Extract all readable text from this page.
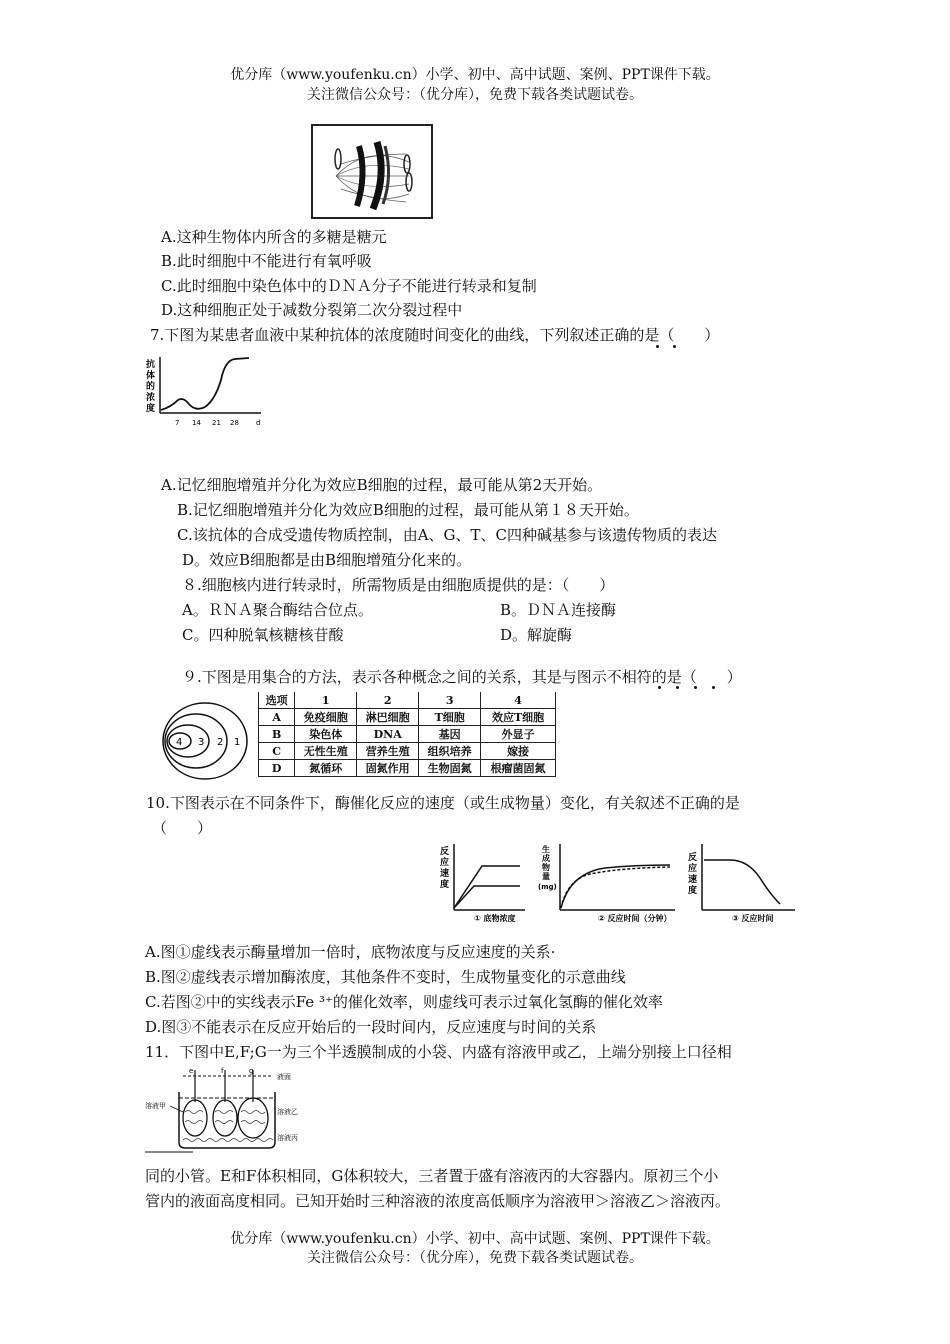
优分库（www.youfenku.cn）小学、初中、高中试题、案例、PPT课件下载。
关注微信公众号：（优分库），免费下载各类试题试卷。
A.这种生物体内所含的多糖是糖元
B.此时细胞中不能进行有氧呼吸
C.此时细胞中染色体中的ＤＮＡ分子不能进行转录和复制
D.这种细胞正处于减数分裂第二次分裂过程中
7.下图为某患者血液中某种抗体的浓度随时间变化的曲线，下列叙述正确的是（　　）
抗
体
的
浓
度
7 14 21 28 d
A.记忆细胞增殖并分化为效应B细胞的过程，最可能从第2天开始。
B.记忆细胞增殖并分化为效应B细胞的过程，最可能从第１８天开始。
C.该抗体的合成受遗传物质控制，由A、G、T、C四种碱基参与该遗传物质的表达
D。效应B细胞都是由B细胞增殖分化来的。
８.细胞核内进行转录时，所需物质是由细胞质提供的是：（　　）
A。ＲＮＡ聚合酶结合位点。	B。ＤＮＡ连接酶
C。四种脱氧核糖核苷酸	D。解旋酶
９.下图是用集合的方法，表示各种概念之间的关系，其是与图示不相符的是（　　）
4 3 2 1
选项	1	2	3	4
A	免疫细胞	淋巴细胞	T细胞	效应T细胞
B	染色体	DNA	基因	外显子
C	无性生殖	营养生殖	组织培养	嫁接
D	氮循环	固氮作用	生物固氮	根瘤菌固氮
10.下图表示在不同条件下，酶催化反应的速度（或生成物量）变化，有关叙述不正确的是
（　　）
反
应
速
度
① 底物浓度
生
成
物
量
(mg)
② 反应时间（分钟）
反
应
速
度
③ 反应时间
A.图①虚线表示酶量增加一倍时，底物浓度与反应速度的关系·
B.图②虚线表示增加酶浓度，其他条件不变时，生成物量变化的示意曲线
C.若图②中的实线表示Fe ³⁺的催化效率，则虚线可表示过氧化氢酶的催化效率
D.图③不能表示在反应开始后的一段时间内，反应速度与时间的关系
11．下图中E,F;G一为三个半透膜制成的小袋、内盛有溶液甲或乙，上端分别接上口径相
e	f	g
液面
溶液甲
溶液乙
溶液丙
同的小管。E和F体积相同，G体积较大，三者置于盛有溶液丙的大容器内。原初三个小
管内的液面高度相同。已知开始时三种溶液的浓度高低顺序为溶液甲＞溶液乙＞溶液丙。
优分库（www.youfenku.cn）小学、初中、高中试题、案例、PPT课件下载。
关注微信公众号：（优分库），免费下载各类试题试卷。
